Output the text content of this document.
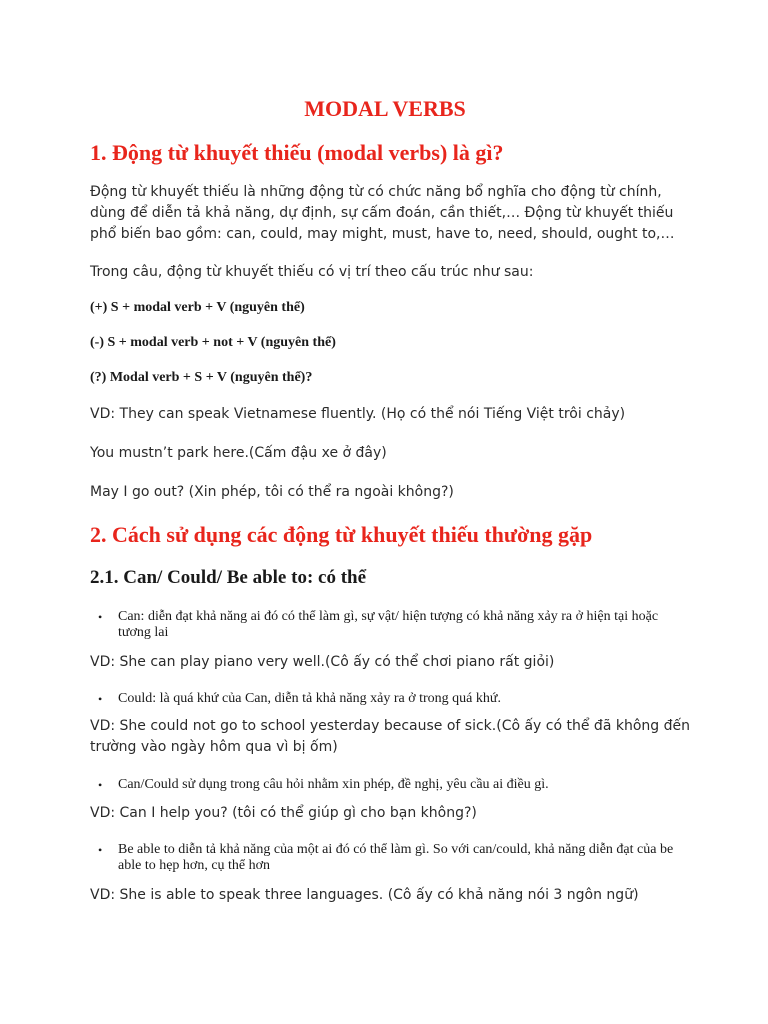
MODAL VERBS
1. Động từ khuyết thiếu (modal verbs) là gì?

Động từ khuyết thiếu là những động từ có chức năng bổ nghĩa cho động từ chính, dùng để diễn tả khả năng, dự định, sự cấm đoán, cần thiết,… Động từ khuyết thiếu phổ biến bao gồm: can, could, may might, must, have to, need, should, ought to,…

Trong câu, động từ khuyết thiếu có vị trí theo cấu trúc như sau:

(+) S + modal verb + V (nguyên thể)

(-) S + modal verb + not + V (nguyên thể)

(?) Modal verb + S + V (nguyên thể)?

VD: They can speak Vietnamese fluently. (Họ có thể nói Tiếng Việt trôi chảy)

You mustn’t park here.(Cấm đậu xe ở đây)

May I go out? (Xin phép, tôi có thể ra ngoài không?)

2. Cách sử dụng các động từ khuyết thiếu thường gặp
2.1. Can/ Could/ Be able to: có thể
• Can: diễn đạt khả năng ai đó có thể làm gì, sự vật/ hiện tượng có khả năng xảy ra ở hiện tại hoặc tương lai

VD: She can play piano very well.(Cô ấy có thể chơi piano rất giỏi)

• Could: là quá khứ của Can, diễn tả khả năng xảy ra ở trong quá khứ.

VD: She could not go to school yesterday because of sick.(Cô ấy có thể đã không đến trường vào ngày hôm qua vì bị ốm)

• Can/Could sử dụng trong câu hỏi nhằm xin phép, đề nghị, yêu cầu ai điều gì.

VD: Can I help you? (tôi có thể giúp gì cho bạn không?)

• Be able to diễn tả khả năng của một ai đó có thể làm gì. So với can/could, khả năng diễn đạt của be able to hẹp hơn, cụ thể hơn

VD: She is able to speak three languages. (Cô ấy có khả năng nói 3 ngôn ngữ)
